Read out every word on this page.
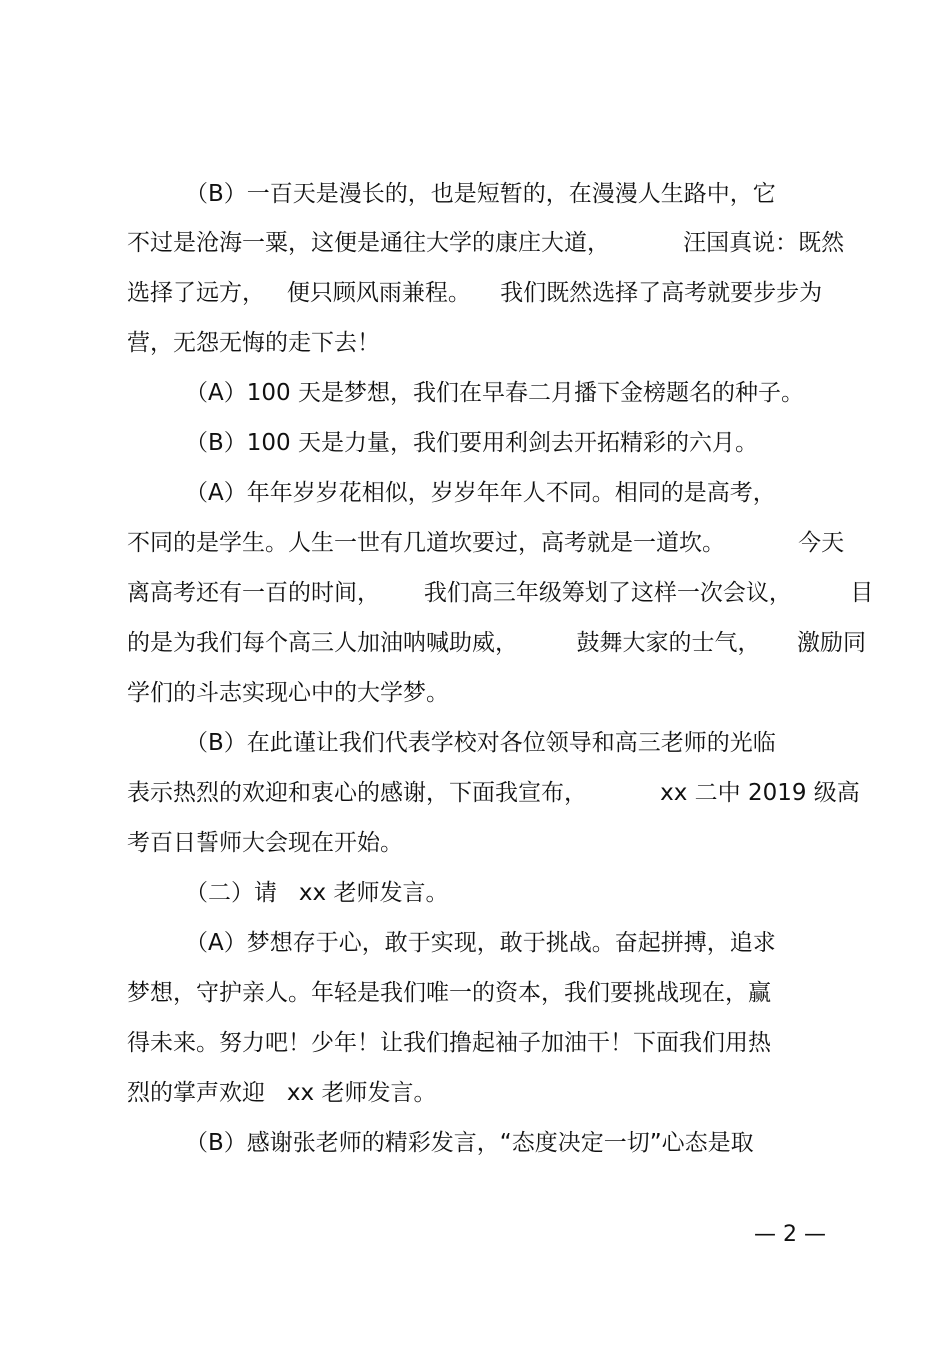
（B）一百天是漫长的，也是短暂的，在漫漫人生路中，它
不过是沧海一粟，这便是通往大学的康庄大道，          汪国真说：既然
选择了远方，   便只顾风雨兼程。    我们既然选择了高考就要步步为
营，无怨无悔的走下去！
（A）100 天是梦想，我们在早春二月播下金榜题名的种子。
（B）100 天是力量，我们要用利剑去开拓精彩的六月。
（A）年年岁岁花相似，岁岁年年人不同。相同的是高考，
不同的是学生。人生一世有几道坎要过，高考就是一道坎。          今天
离高考还有一百的时间，      我们高三年级筹划了这样一次会议，        目
的是为我们每个高三人加油呐喊助威，        鼓舞大家的士气，     激励同
学们的斗志实现心中的大学梦。
（B）在此谨让我们代表学校对各位领导和高三老师的光临
表示热烈的欢迎和衷心的感谢，下面我宣布，          xx 二中 2019 级高
考百日誓师大会现在开始。
（二）请   xx 老师发言。
（A）梦想存于心，敢于实现，敢于挑战。奋起拼搏，追求
梦想，守护亲人。年轻是我们唯一的资本，我们要挑战现在，赢
得未来。努力吧！少年！让我们撸起袖子加油干！下面我们用热
烈的掌声欢迎   xx 老师发言。
（B）感谢张老师的精彩发言，“态度决定一切”心态是取
— 2 —
